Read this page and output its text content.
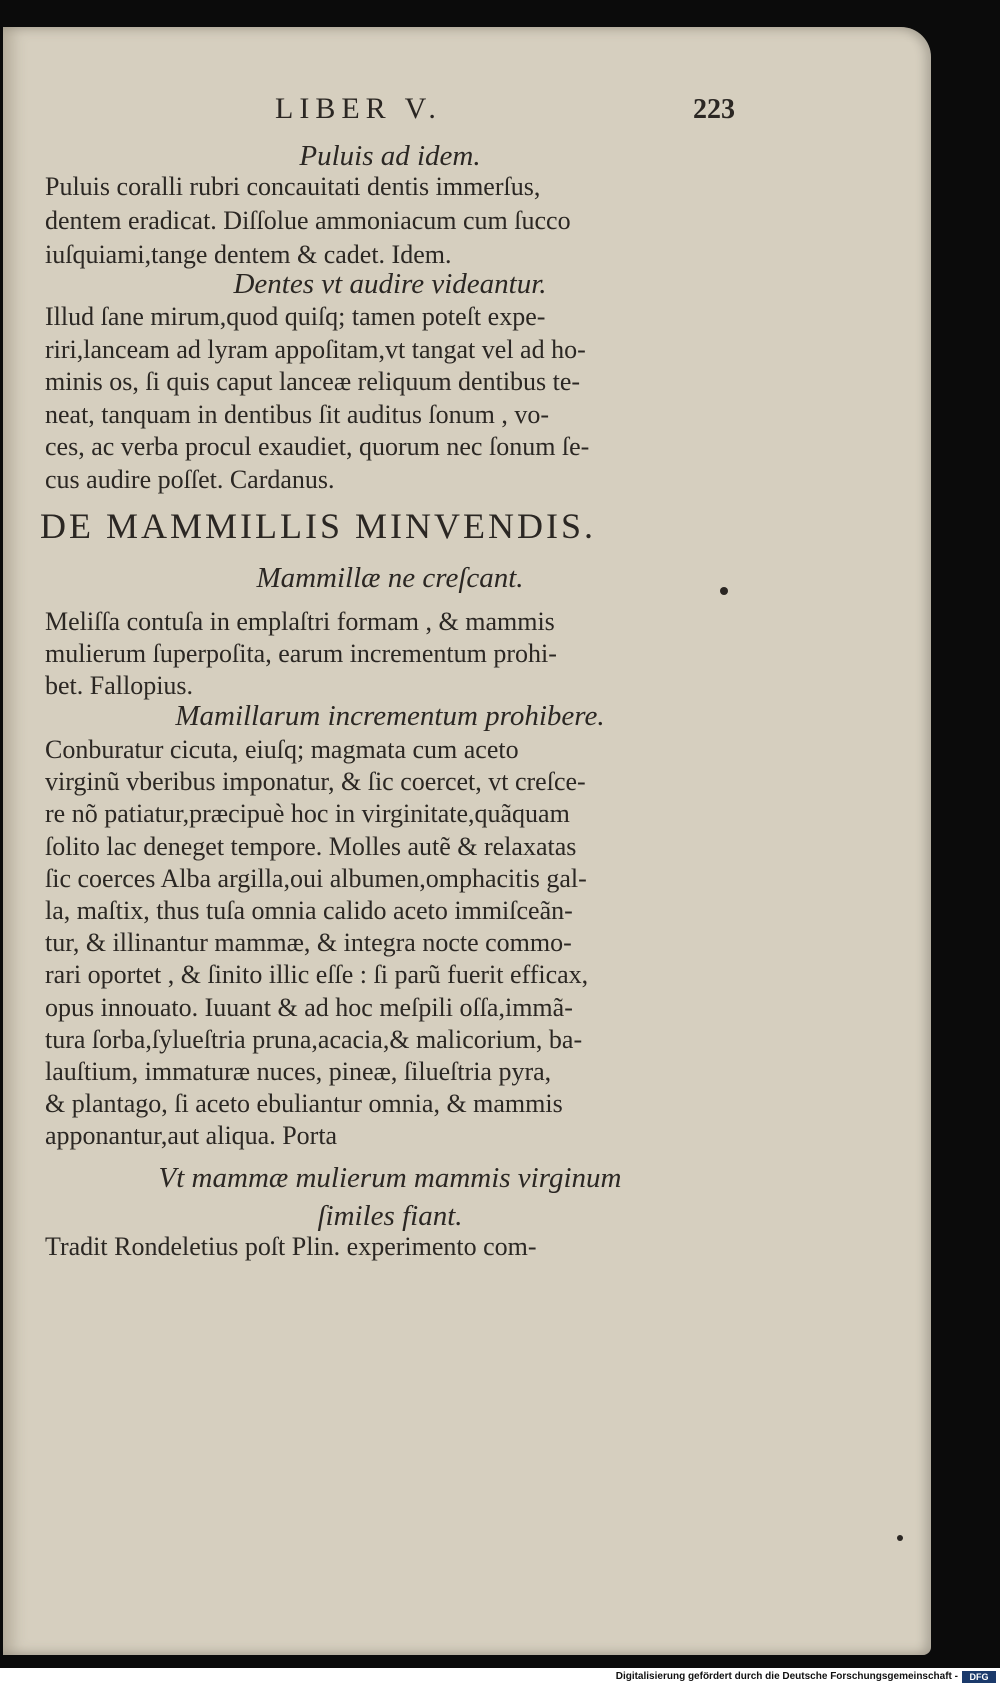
LIBER V.	223
Puluis ad idem.
Dentes vt audire videantur.
DE MAMMILLIS MINVENDIS.
Mammillæ ne creſcant.
Mamillarum incrementum prohibere.
Vt mammæ mulierum mammis virginum
ſimiles fiant.
Digitalisierung gefördert durch die Deutsche Forschungsgemeinschaft -	DFG
Puluis coralli rubri concauitati dentis immerſus,
dentem eradicat. Diſſolue ammoniacum cum ſucco
iuſquiami,tange dentem & cadet. Idem.
Illud ſane mirum,quod quiſq; tamen poteſt expe-
riri,lanceam ad lyram appoſitam,vt tangat vel ad ho-
minis os, ſi quis caput lanceæ reliquum dentibus te-
neat, tanquam in dentibus ſit auditus ſonum , vo-
ces, ac verba procul exaudiet, quorum nec ſonum ſe-
cus audire poſſet. Cardanus.
Meliſſa contuſa in emplaſtri formam , & mammis
mulierum ſuperpoſita, earum incrementum prohi-
bet. Fallopius.
Conburatur cicuta, eiuſq; magmata cum aceto
virginũ vberibus imponatur, & ſic coercet, vt creſce-
re nõ patiatur,præcipuè hoc in virginitate,quãquam
ſolito lac deneget tempore. Molles autẽ & relaxatas
ſic coerces Alba argilla,oui albumen,omphacitis gal-
la, maſtix, thus tuſa omnia calido aceto immiſceãn-
tur, & illinantur mammæ, & integra nocte commo-
rari oportet , & ſinito illic eſſe : ſi parũ fuerit efficax,
opus innouato. Iuuant & ad hoc meſpili oſſa,immã-
tura ſorba,ſylueſtria pruna,acacia,& malicorium, ba-
lauſtium, immaturæ nuces, pineæ, ſilueſtria pyra,
& plantago, ſi aceto ebuliantur omnia, & mammis
apponantur,aut aliqua. Porta
Tradit Rondeletius poſt Plin. experimento com-
